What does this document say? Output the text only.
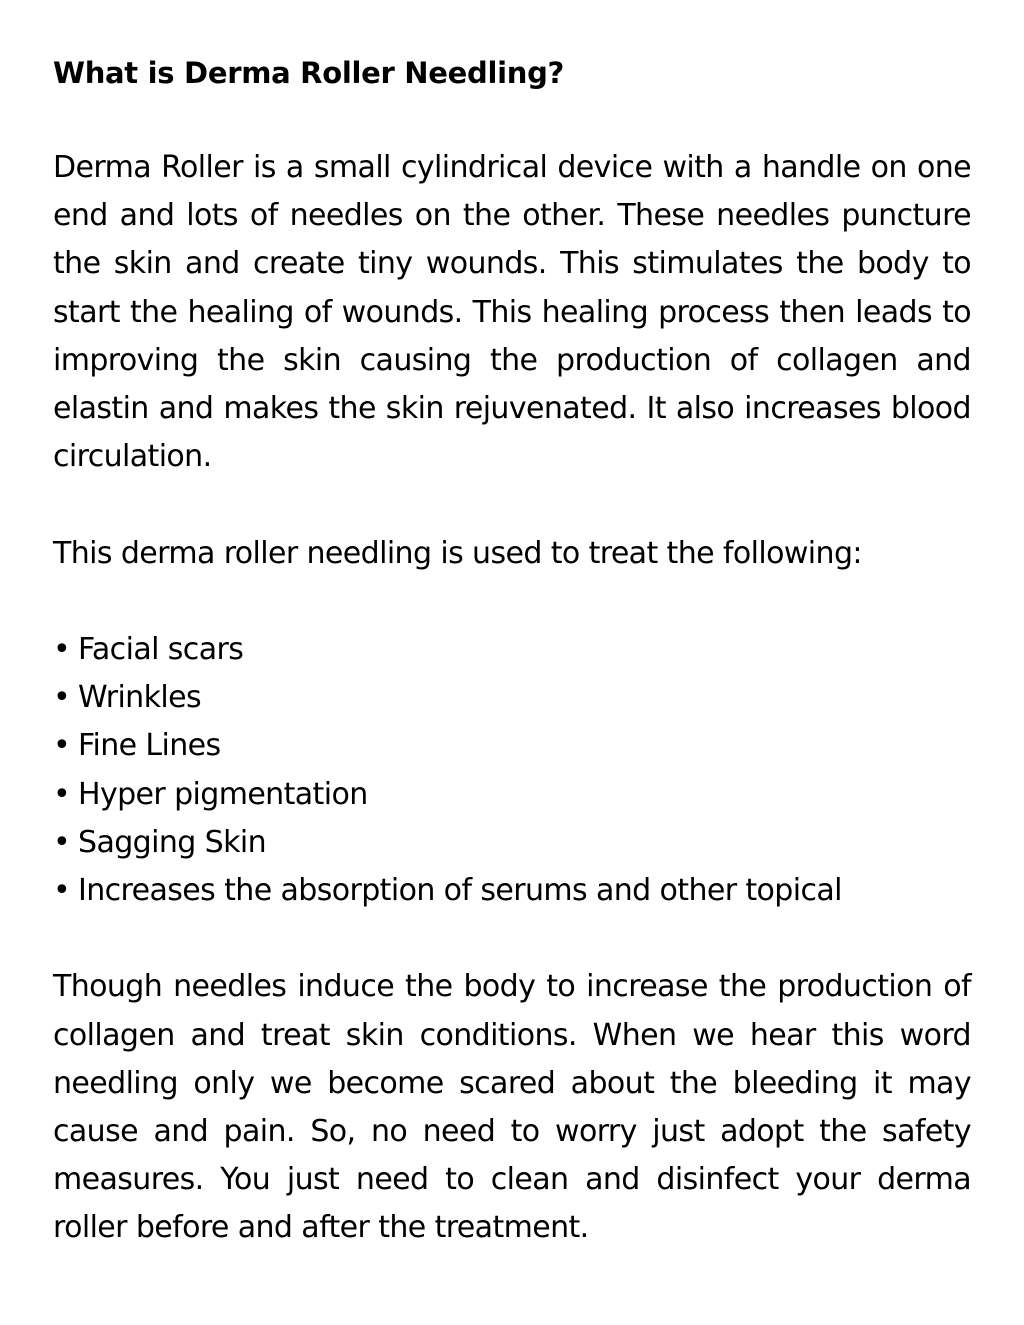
What is Derma Roller Needling?

Derma Roller is a small cylindrical device with a handle on one end and lots of needles on the other. These needles puncture the skin and create tiny wounds. This stimulates the body to start the healing of wounds. This healing process then leads to improving the skin causing the production of collagen and elastin and makes the skin rejuvenated. It also increases blood circulation.

This derma roller needling is used to treat the following:

• Facial scars
• Wrinkles
• Fine Lines
• Hyper pigmentation
• Sagging Skin
• Increases the absorption of serums and other topical

Though needles induce the body to increase the production of collagen and treat skin conditions. When we hear this word needling only we become scared about the bleeding it may cause and pain. So, no need to worry just adopt the safety measures. You just need to clean and disinfect your derma roller before and after the treatment.
